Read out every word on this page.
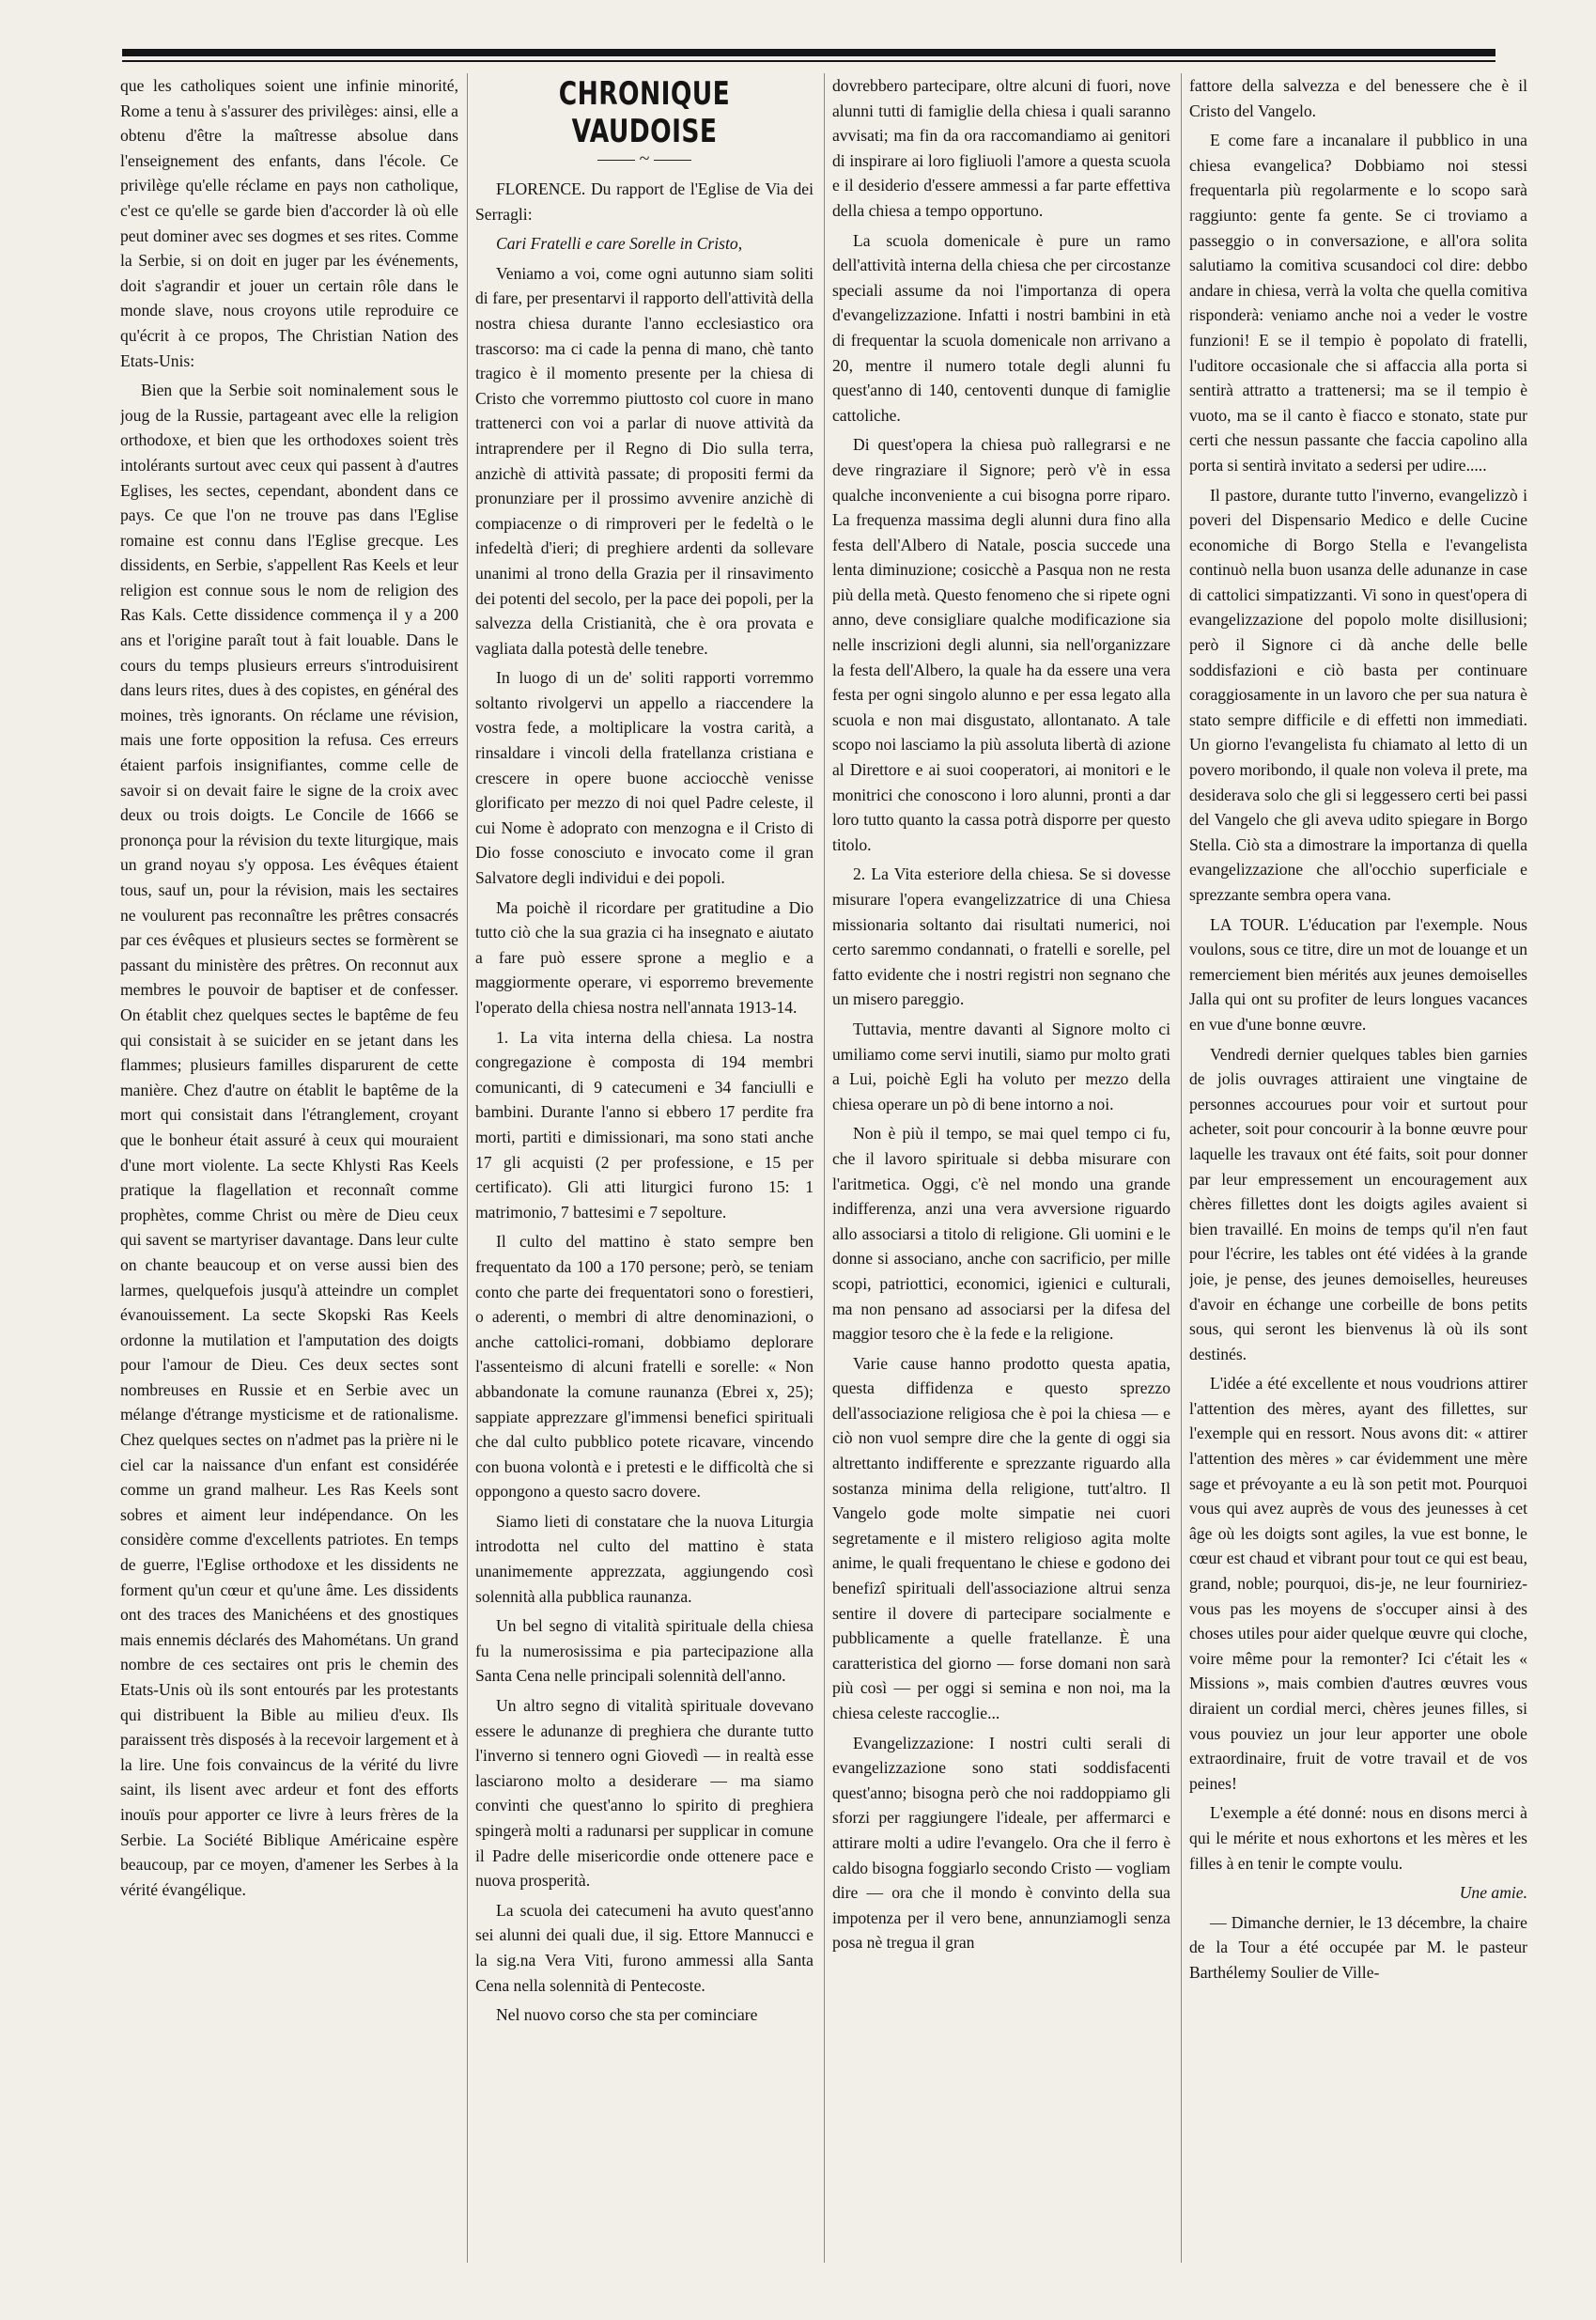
que les catholiques soient une infinie minorité, Rome a tenu à s'assurer des privilèges: ainsi, elle a obtenu d'être la maîtresse absolue dans l'enseignement des enfants, dans l'école. Ce privilège qu'elle réclame en pays non catholique, c'est ce qu'elle se garde bien d'accorder là où elle peut dominer avec ses dogmes et ses rites. Comme la Serbie, si on doit en juger par les événements, doit s'agrandir et jouer un certain rôle dans le monde slave, nous croyons utile reproduire ce qu'écrit à ce propos, The Christian Nation des Etats-Unis:

Bien que la Serbie soit nominalement sous le joug de la Russie, partageant avec elle la religion orthodoxe, et bien que les orthodoxes soient très intolérants surtout avec ceux qui passent à d'autres Eglises, les sectes, cependant, abondent dans ce pays. Ce que l'on ne trouve pas dans l'Eglise romaine est connu dans l'Eglise grecque. Les dissidents, en Serbie, s'appellent Ras Keels et leur religion est connue sous le nom de religion des Ras Kals. Cette dissidence commença il y a 200 ans et l'origine paraît tout à fait louable. Dans le cours du temps plusieurs erreurs s'introduisirent dans leurs rites, dues à des copistes, en général des moines, très ignorants. On réclame une révision, mais une forte opposition la refusa. Ces erreurs étaient parfois insignifiantes, comme celle de savoir si on devait faire le signe de la croix avec deux ou trois doigts. Le Concile de 1666 se prononça pour la révision du texte liturgique, mais un grand noyau s'y opposa. Les évêques étaient tous, sauf un, pour la révision, mais les sectaires ne voulurent pas reconnaître les prêtres consacrés par ces évêques et plusieurs sectes se formèrent se passant du ministère des prêtres. On reconnut aux membres le pouvoir de baptiser et de confesser. On établit chez quelques sectes le baptême de feu qui consistait à se suicider en se jetant dans les flammes; plusieurs familles disparurent de cette manière. Chez d'autre on établit le baptême de la mort qui consistait dans l'étranglement, croyant que le bonheur était assuré à ceux qui mouraient d'une mort violente. La secte Khlysti Ras Keels pratique la flagellation et reconnaît comme prophètes, comme Christ ou mère de Dieu ceux qui savent se martyriser davantage. Dans leur culte on chante beaucoup et on verse aussi bien des larmes, quelquefois jusqu'à atteindre un complet évanouissement. La secte Skopski Ras Keels ordonne la mutilation et l'amputation des doigts pour l'amour de Dieu. Ces deux sectes sont nombreuses en Russie et en Serbie avec un mélange d'étrange mysticisme et de rationalisme. Chez quelques sectes on n'admet pas la prière ni le ciel car la naissance d'un enfant est considérée comme un grand malheur. Les Ras Keels sont sobres et aiment leur indépendance. On les considère comme d'excellents patriotes. En temps de guerre, l'Eglise orthodoxe et les dissidents ne forment qu'un cœur et qu'une âme. Les dissidents ont des traces des Manichéens et des gnostiques mais ennemis déclarés des Mahométans. Un grand nombre de ces sectaires ont pris le chemin des Etats-Unis où ils sont entourés par les protestants qui distribuent la Bible au milieu d'eux. Ils paraissent très disposés à la recevoir largement et à la lire. Une fois convaincus de la vérité du livre saint, ils lisent avec ardeur et font des efforts inouïs pour apporter ce livre à leurs frères de la Serbie. La Société Biblique Américaine espère beaucoup, par ce moyen, d'amener les Serbes à la vérité évangélique.

CHRONIQUE VAUDOISE
~

FLORENCE. Du rapport de l'Eglise de Via dei Serragli:

Cari Fratelli e care Sorelle in Cristo,

Veniamo a voi, come ogni autunno siam soliti di fare, per presentarvi il rapporto dell'attività della nostra chiesa durante l'anno ecclesiastico ora trascorso: ma ci cade la penna di mano, chè tanto tragico è il momento presente per la chiesa di Cristo che vorremmo piuttosto col cuore in mano trattenerci con voi a parlar di nuove attività da intraprendere per il Regno di Dio sulla terra, anzichè di attività passate; di propositi fermi da pronunziare per il prossimo avvenire anzichè di compiacenze o di rimproveri per le fedeltà o le infedeltà d'ieri; di preghiere ardenti da sollevare unanimi al trono della Grazia per il rinsavimento dei potenti del secolo, per la pace dei popoli, per la salvezza della Cristianità, che è ora provata e vagliata dalla potestà delle tenebre.

In luogo di un de' soliti rapporti vorremmo soltanto rivolgervi un appello a riaccendere la vostra fede, a moltiplicare la vostra carità, a rinsaldare i vincoli della fratellanza cristiana e crescere in opere buone acciocchè venisse glorificato per mezzo di noi quel Padre celeste, il cui Nome è adoprato con menzogna e il Cristo di Dio fosse conosciuto e invocato come il gran Salvatore degli individui e dei popoli.

Ma poichè il ricordare per gratitudine a Dio tutto ciò che la sua grazia ci ha insegnato e aiutato a fare può essere sprone a meglio e a maggiormente operare, vi esporremo brevemente l'operato della chiesa nostra nell'annata 1913-14.

1. La vita interna della chiesa. La nostra congregazione è composta di 194 membri comunicanti, di 9 catecumeni e 34 fanciulli e bambini. Durante l'anno si ebbero 17 perdite fra morti, partiti e dimissionari, ma sono stati anche 17 gli acquisti (2 per professione, e 15 per certificato). Gli atti liturgici furono 15: 1 matrimonio, 7 battesimi e 7 sepolture.

Il culto del mattino è stato sempre ben frequentato da 100 a 170 persone; però, se teniam conto che parte dei frequentatori sono o forestieri, o aderenti, o membri di altre denominazioni, o anche cattolici-romani, dobbiamo deplorare l'assenteismo di alcuni fratelli e sorelle: « Non abbandonate la comune raunanza (Ebrei x, 25); sappiate apprezzare gl'immensi benefici spirituali che dal culto pubblico potete ricavare, vincendo con buona volontà e i pretesti e le difficoltà che si oppongono a questo sacro dovere.

Siamo lieti di constatare che la nuova Liturgia introdotta nel culto del mattino è stata unanimemente apprezzata, aggiungendo così solennità alla pubblica raunanza.

Un bel segno di vitalità spirituale della chiesa fu la numerosissima e pia partecipazione alla Santa Cena nelle principali solennità dell'anno.

Un altro segno di vitalità spirituale dovevano essere le adunanze di preghiera che durante tutto l'inverno si tennero ogni Giovedì — in realtà esse lasciarono molto a desiderare — ma siamo convinti che quest'anno lo spirito di preghiera spingerà molti a radunarsi per supplicar in comune il Padre delle misericordie onde ottenere pace e nuova prosperità.

La scuola dei catecumeni ha avuto quest'anno sei alunni dei quali due, il sig. Ettore Mannucci e la sig.na Vera Viti, furono ammessi alla Santa Cena nella solennità di Pentecoste.

Nel nuovo corso che sta per cominciare

dovrebbero partecipare, oltre alcuni di fuori, nove alunni tutti di famiglie della chiesa i quali saranno avvisati; ma fin da ora raccomandiamo ai genitori di inspirare ai loro figliuoli l'amore a questa scuola e il desiderio d'essere ammessi a far parte effettiva della chiesa a tempo opportuno.

La scuola domenicale è pure un ramo dell'attività interna della chiesa che per circostanze speciali assume da noi l'importanza di opera d'evangelizzazione. Infatti i nostri bambini in età di frequentar la scuola domenicale non arrivano a 20, mentre il numero totale degli alunni fu quest'anno di 140, centoventi dunque di famiglie cattoliche.

Di quest'opera la chiesa può rallegrarsi e ne deve ringraziare il Signore; però v'è in essa qualche inconveniente a cui bisogna porre riparo. La frequenza massima degli alunni dura fino alla festa dell'Albero di Natale, poscia succede una lenta diminuzione; cosicchè a Pasqua non ne resta più della metà. Questo fenomeno che si ripete ogni anno, deve consigliare qualche modificazione sia nelle inscrizioni degli alunni, sia nell'organizzare la festa dell'Albero, la quale ha da essere una vera festa per ogni singolo alunno e per essa legato alla scuola e non mai disgustato, allontanato. A tale scopo noi lasciamo la più assoluta libertà di azione al Direttore e ai suoi cooperatori, ai monitori e le monitrici che conoscono i loro alunni, pronti a dar loro tutto quanto la cassa potrà disporre per questo titolo.

2. La Vita esteriore della chiesa. Se si dovesse misurare l'opera evangelizzatrice di una Chiesa missionaria soltanto dai risultati numerici, noi certo saremmo condannati, o fratelli e sorelle, pel fatto evidente che i nostri registri non segnano che un misero pareggio.

Tuttavia, mentre davanti al Signore molto ci umiliamo come servi inutili, siamo pur molto grati a Lui, poichè Egli ha voluto per mezzo della chiesa operare un pò di bene intorno a noi.

Non è più il tempo, se mai quel tempo ci fu, che il lavoro spirituale si debba misurare con l'aritmetica. Oggi, c'è nel mondo una grande indifferenza, anzi una vera avversione riguardo allo associarsi a titolo di religione. Gli uomini e le donne si associano, anche con sacrificio, per mille scopi, patriottici, economici, igienici e culturali, ma non pensano ad associarsi per la difesa del maggior tesoro che è la fede e la religione.

Varie cause hanno prodotto questa apatia, questa diffidenza e questo sprezzo dell'associazione religiosa che è poi la chiesa — e ciò non vuol sempre dire che la gente di oggi sia altrettanto indifferente e sprezzante riguardo alla sostanza minima della religione, tutt'altro. Il Vangelo gode molte simpatie nei cuori segretamente e il mistero religioso agita molte anime, le quali frequentano le chiese e godono dei benefizî spirituali dell'associazione altrui senza sentire il dovere di partecipare socialmente e pubblicamente a quelle fratellanze. È una caratteristica del giorno — forse domani non sarà più così — per oggi si semina e non noi, ma la chiesa celeste raccoglie...

Evangelizzazione: I nostri culti serali di evangelizzazione sono stati soddisfacenti quest'anno; bisogna però che noi raddoppiamo gli sforzi per raggiungere l'ideale, per affermarci e attirare molti a udire l'evangelo. Ora che il ferro è caldo bisogna foggiarlo secondo Cristo — vogliam dire — ora che il mondo è convinto della sua impotenza per il vero bene, annunziamogli senza posa nè tregua il gran

fattore della salvezza e del benessere che è il Cristo del Vangelo.

E come fare a incanalare il pubblico in una chiesa evangelica? Dobbiamo noi stessi frequentarla più regolarmente e lo scopo sarà raggiunto: gente fa gente. Se ci troviamo a passeggio o in conversazione, e all'ora solita salutiamo la comitiva scusandoci col dire: debbo andare in chiesa, verrà la volta che quella comitiva risponderà: veniamo anche noi a veder le vostre funzioni! E se il tempio è popolato di fratelli, l'uditore occasionale che si affaccia alla porta si sentirà attratto a trattenersi; ma se il tempio è vuoto, ma se il canto è fiacco e stonato, state pur certi che nessun passante che faccia capolino alla porta si sentirà invitato a sedersi per udire.....

Il pastore, durante tutto l'inverno, evangelizzò i poveri del Dispensario Medico e delle Cucine economiche di Borgo Stella e l'evangelista continuò nella buon usanza delle adunanze in case di cattolici simpatizzanti. Vi sono in quest'opera di evangelizzazione del popolo molte disillusioni; però il Signore ci dà anche delle belle soddisfazioni e ciò basta per continuare coraggiosamente in un lavoro che per sua natura è stato sempre difficile e di effetti non immediati. Un giorno l'evangelista fu chiamato al letto di un povero moribondo, il quale non voleva il prete, ma desiderava solo che gli si leggessero certi bei passi del Vangelo che gli aveva udito spiegare in Borgo Stella. Ciò sta a dimostrare la importanza di quella evangelizzazione che all'occhio superficiale e sprezzante sembra opera vana.

LA TOUR. L'éducation par l'exemple. Nous voulons, sous ce titre, dire un mot de louange et un remerciement bien mérités aux jeunes demoiselles Jalla qui ont su profiter de leurs longues vacances en vue d'une bonne œuvre.

Vendredi dernier quelques tables bien garnies de jolis ouvrages attiraient une vingtaine de personnes accourues pour voir et surtout pour acheter, soit pour concourir à la bonne œuvre pour laquelle les travaux ont été faits, soit pour donner par leur empressement un encouragement aux chères fillettes dont les doigts agiles avaient si bien travaillé. En moins de temps qu'il n'en faut pour l'écrire, les tables ont été vidées à la grande joie, je pense, des jeunes demoiselles, heureuses d'avoir en échange une corbeille de bons petits sous, qui seront les bienvenus là où ils sont destinés.

L'idée a été excellente et nous voudrions attirer l'attention des mères, ayant des fillettes, sur l'exemple qui en ressort. Nous avons dit: « attirer l'attention des mères » car évidemment une mère sage et prévoyante a eu là son petit mot. Pourquoi vous qui avez auprès de vous des jeunesses à cet âge où les doigts sont agiles, la vue est bonne, le cœur est chaud et vibrant pour tout ce qui est beau, grand, noble; pourquoi, dis-je, ne leur fourniriez-vous pas les moyens de s'occuper ainsi à des choses utiles pour aider quelque œuvre qui cloche, voire même pour la remonter? Ici c'était les « Missions », mais combien d'autres œuvres vous diraient un cordial merci, chères jeunes filles, si vous pouviez un jour leur apporter une obole extraordinaire, fruit de votre travail et de vos peines!

L'exemple a été donné: nous en disons merci à qui le mérite et nous exhortons et les mères et les filles à en tenir le compte voulu.

Une amie.

— Dimanche dernier, le 13 décembre, la chaire de la Tour a été occupée par M. le pasteur Barthélemy Soulier de Ville-
